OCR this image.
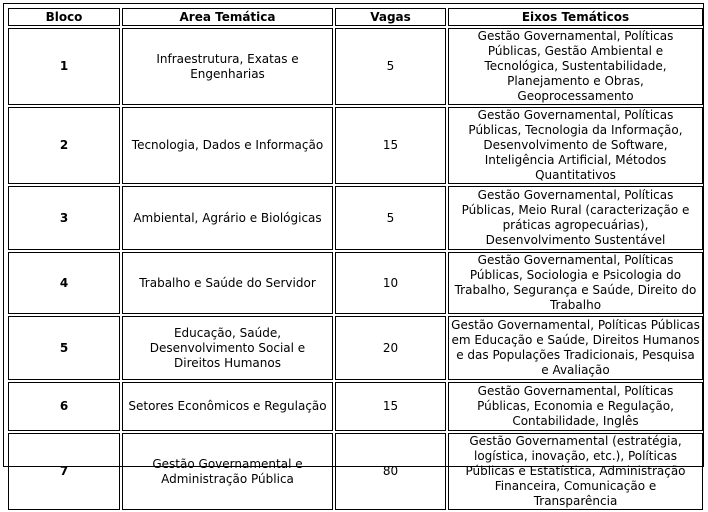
Bloco	Area Temática	Vagas	Eixos Temáticos
1	Infraestrutura, Exatas e Engenharias	5	Gestão Governamental, Políticas Públicas, Gestão Ambiental e Tecnológica, Sustentabilidade, Planejamento e Obras, Geoprocessamento
2	Tecnologia, Dados e Informação	15	Gestão Governamental, Políticas Públicas, Tecnologia da Informação, Desenvolvimento de Software, Inteligência Artificial, Métodos Quantitativos
3	Ambiental, Agrário e Biológicas	5	Gestão Governamental, Políticas Públicas, Meio Rural (caracterização e práticas agropecuárias), Desenvolvimento Sustentável
4	Trabalho e Saúde do Servidor	10	Gestão Governamental, Políticas Públicas, Sociologia e Psicologia do Trabalho, Segurança e Saúde, Direito do Trabalho
5	Educação, Saúde, Desenvolvimento Social e Direitos Humanos	20	Gestão Governamental, Políticas Públicas em Educação e Saúde, Direitos Humanos e das Populações Tradicionais, Pesquisa e Avaliação
6	Setores Econômicos e Regulação	15	Gestão Governamental, Políticas Públicas, Economia e Regulação, Contabilidade, Inglês
7	Gestão Governamental e Administração Pública	80	Gestão Governamental (estratégia, logística, inovação, etc.), Políticas Públicas e Estatística, Administração Financeira, Comunicação e Transparência
